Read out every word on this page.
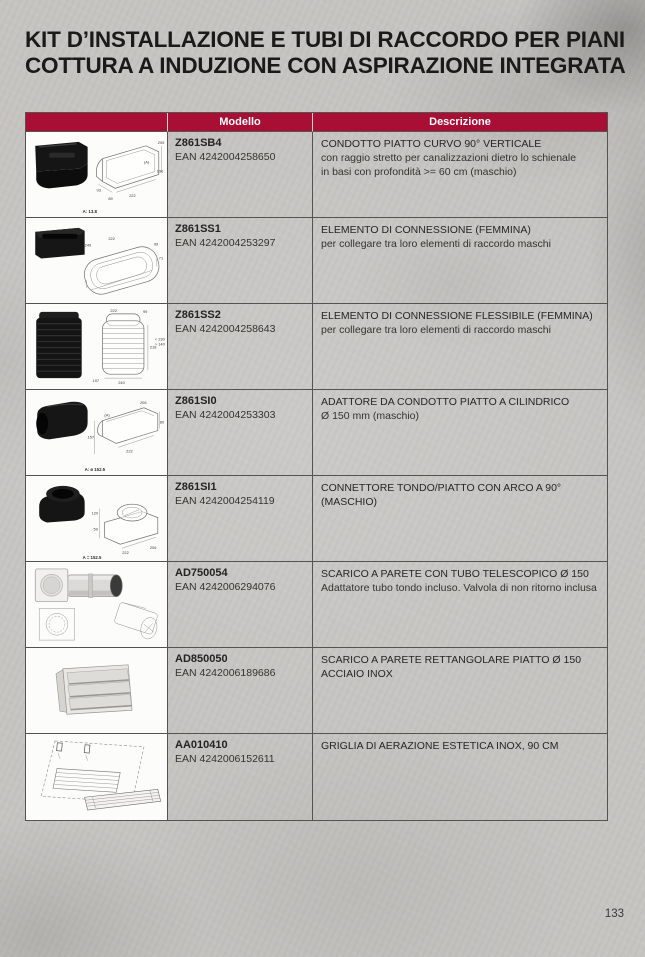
KIT D’INSTALLAZIONE E TUBI DI RACCORDO PER PIANI
COTTURA A INDUZIONE CON ASPIRAZIONE INTEGRATA
Modello	Descrizione
209
196
(A)
222
93
89
A: 13.8
Z861SB4
EAN 4242004258650
CONDOTTO PIATTO CURVO 90° VERTICALE
con raggio stretto per canalizzazioni dietro lo schienale
in basi con profondità >= 60 cm (maschio)
249
222
99
71
Z861SS1
EAN 4242004253297
ELEMENTO DI CONNESSIONE (FEMMINA)
per collegare tra loro elementi di raccordo maschi
222	99
218
< 230
> 140
240
197
Z861SS2
EAN 4242004258643
ELEMENTO DI CONNESSIONE FLESSIBILE (FEMMINA)
per collegare tra loro elementi di raccordo maschi
206
80
222
157
(A)
A: ø 152.5
Z861SI0
EAN 4242004253303
ADATTORE DA CONDOTTO PIATTO A CILINDRICO
Ø 150 mm (maschio)
120
59
222
206
A = 152.5
Z861SI1
EAN 4242004254119
CONNETTORE TONDO/PIATTO CON ARCO A 90° (MASCHIO)
AD750054
EAN 4242006294076
SCARICO A PARETE CON TUBO TELESCOPICO Ø 150
Adattatore tubo tondo incluso. Valvola di non ritorno inclusa
AD850050
EAN 4242006189686
SCARICO A PARETE RETTANGOLARE PIATTO Ø 150 ACCIAIO INOX
AA010410
EAN 4242006152611
GRIGLIA DI AERAZIONE ESTETICA INOX, 90 CM
133
